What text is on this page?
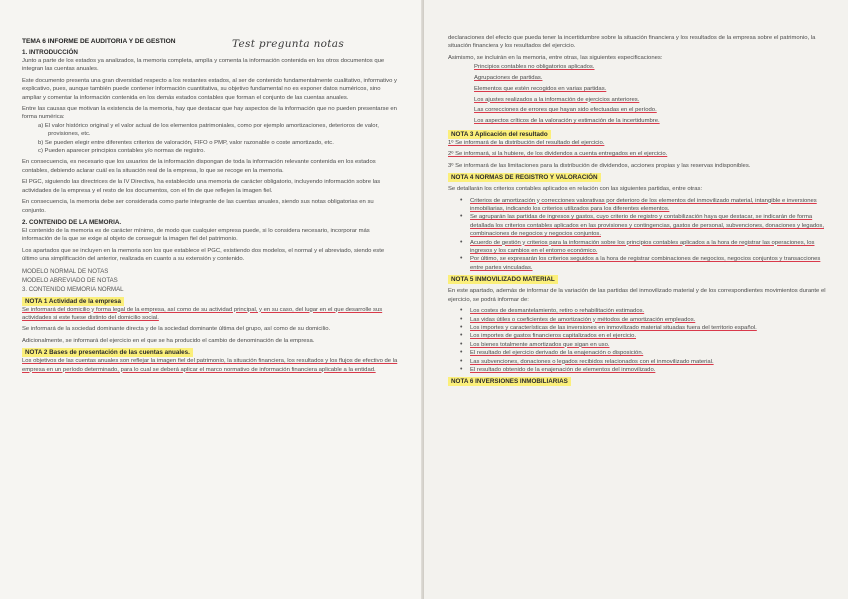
TEMA 6 INFORME DE AUDITORIA Y DE GESTION

1. INTRODUCCIÓN

Junto a parte de los estados ya analizados, la memoria completa, amplía y comenta la información contenida en los otros documentos que integran las cuentas anuales.

Este documento presenta una gran diversidad respecto a los restantes estados, al ser de contenido fundamentalmente cualitativo, informativo y explicativo, pues, aunque también puede contener información cuantitativa, su objetivo fundamental no es exponer datos numéricos, sino ampliar y comentar la información contenida en los demás estados contables que forman el conjunto de las cuentas anuales.

Entre las causas que motivan la existencia de la memoria, hay que destacar que hay aspectos de la información que no pueden presentarse en forma numérica:

a) El valor histórico original y el valor actual de los elementos patrimoniales, como por ejemplo amortizaciones, deterioros de valor, provisiones, etc.
b) Se pueden elegir entre diferentes criterios de valoración, FIFO o PMP, valor razonable o coste amortizado, etc.
c) Pueden aparecer principios contables y/o normas de registro.

En consecuencia, es necesario que los usuarios de la información dispongan de toda la información relevante contenida en los estados contables, debiendo aclarar cuál es la situación real de la empresa, lo que se recoge en la memoria.

El PGC, siguiendo las directrices de la IV Directiva, ha establecido una memoria de carácter obligatorio, incluyendo información sobre las actividades de la empresa y el resto de los documentos, con el fin de que reflejen la imagen fiel.

En consecuencia, la memoria debe ser considerada como parte integrante de las cuentas anuales, siendo sus notas obligatorias en su conjunto.

2. CONTENIDO DE LA MEMORIA.

El contenido de la memoria es de carácter mínimo, de modo que cualquier empresa puede, si lo considera necesario, incorporar más información de la que se exige al objeto de conseguir la imagen fiel del patrimonio.

Los apartados que se incluyen en la memoria son los que establece el PGC, existiendo dos modelos, el normal y el abreviado, siendo este último una simplificación del anterior, realizada en cuanto a su extensión y contenido.

MODELO NORMAL DE NOTAS

MODELO ABREVIADO DE NOTAS

3. CONTENIDO MEMORIA NORMAL

NOTA 1 Actividad de la empresa

Se informará del domicilio y forma legal de la empresa, así como de su actividad principal, y en su caso, del lugar en el que desarrolle sus actividades si este fuese distinto del domicilio social.

Se informará de la sociedad dominante directa y de la sociedad dominante última del grupo, así como de su domicilio.

Adicionalmente, se informará del ejercicio en el que se ha producido el cambio de denominación de la empresa.

NOTA 2 Bases de presentación de las cuentas anuales.

Los objetivos de las cuentas anuales son reflejar la imagen fiel del patrimonio, la situación financiera, los resultados y los flujos de efectivo de la empresa en un período determinado, para lo cual se deberá aplicar el marco normativo de información financiera aplicable a la entidad.

Test pregunta notas	declaraciones del efecto que pueda tener la incertidumbre sobre la situación financiera y los resultados de la empresa sobre el patrimonio, la situación financiera y los resultados del ejercicio.

Asimismo, se incluirán en la memoria, entre otras, las siguientes especificaciones:

Principios contables no obligatorios aplicados.
Agrupaciones de partidas.
Elementos que estén recogidos en varias partidas.
Los ajustes realizados a la información de ejercicios anteriores.
Las correcciones de errores que hayan sido efectuadas en el período.
Los aspectos críticos de la valoración y estimación de la incertidumbre.

NOTA 3 Aplicación del resultado

1º Se informará de la distribución del resultado del ejercicio.

2º Se informará, si la hubiere, de los dividendos a cuenta entregados en el ejercicio.

3º Se informará de las limitaciones para la distribución de dividendos, acciones propias y las reservas indisponibles.

NOTA 4 NORMAS DE REGISTRO Y VALORACIÓN

Se detallarán los criterios contables aplicados en relación con las siguientes partidas, entre otras:

• Criterios de amortización y correcciones valorativas por deterioro de los elementos del inmovilizado material, intangible e inversiones inmobiliarias, indicando los criterios utilizados para los diferentes elementos.
• Se agruparán las partidas de ingresos y gastos, cuyo criterio de registro y contabilización haya que destacar, se indicarán de forma detallada los criterios contables aplicados en las provisiones y contingencias, gastos de personal, subvenciones, donaciones y legados, combinaciones de negocios y negocios conjuntos.
• Acuerdo de gestión y criterios para la información sobre los principios contables aplicados a la hora de registrar las operaciones, los ingresos y los cambios en el entorno económico.
• Por último, se expresarán los criterios seguidos a la hora de registrar combinaciones de negocios, negocios conjuntos y transacciones entre partes vinculadas.

NOTA 5 INMOVILIZADO MATERIAL

En este apartado, además de informar de la variación de las partidas del inmovilizado material y de los correspondientes movimientos durante el ejercicio, se podrá informar de:

• Los costes de desmantelamiento, retiro o rehabilitación estimados.
• Las vidas útiles o coeficientes de amortización y métodos de amortización empleados.
• Los importes y características de las inversiones en inmovilizado material situadas fuera del territorio español.
• Los importes de gastos financieros capitalizados en el ejercicio.
• Los bienes totalmente amortizados que sigan en uso.
• El resultado del ejercicio derivado de la enajenación o disposición.
• Las subvenciones, donaciones o legados recibidos relacionados con el inmovilizado material.
• El resultado obtenido de la enajenación de elementos del inmovilizado.

NOTA 6 INVERSIONES INMOBILIARIAS
